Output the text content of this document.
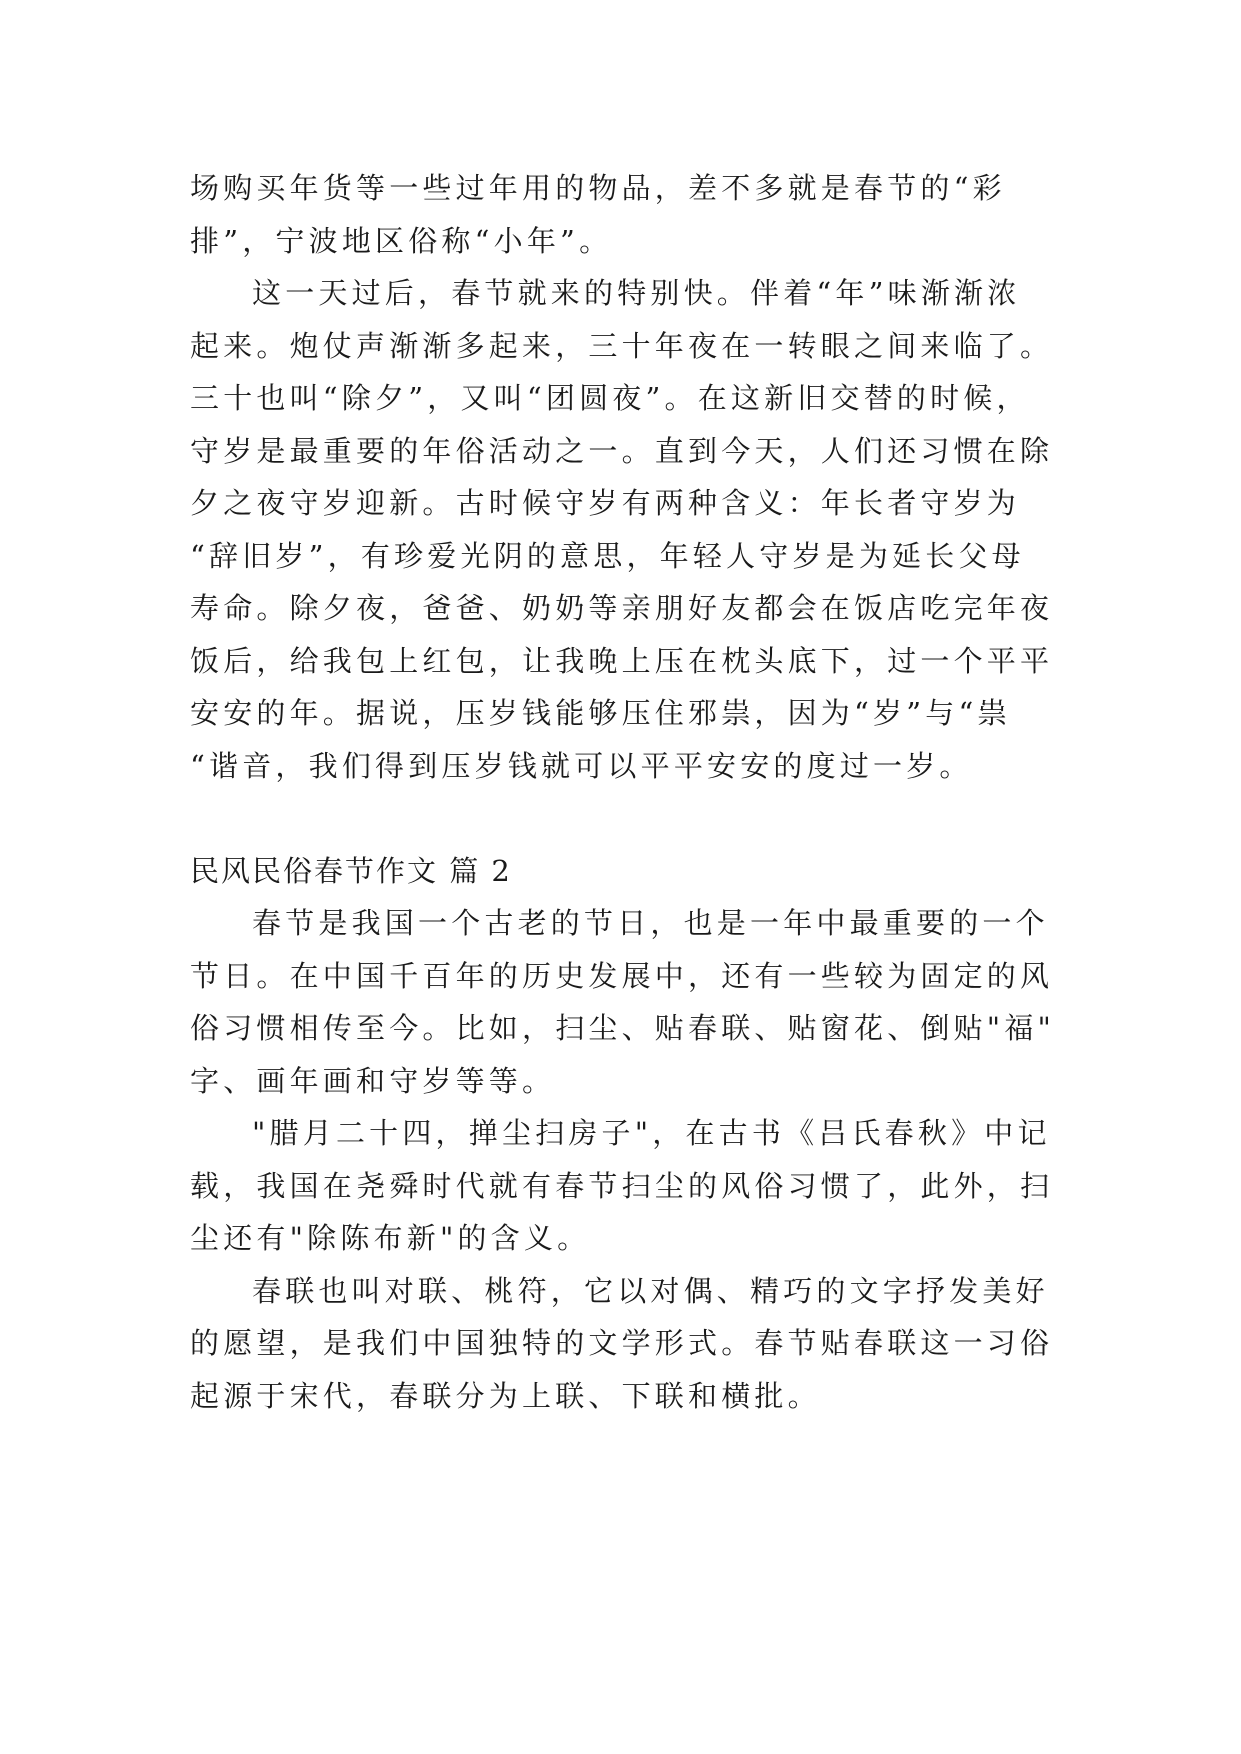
场购买年货等一些过年用的物品，差不多就是春节的“彩
排”，宁波地区俗称“小年”。
这一天过后，春节就来的特别快。伴着“年”味渐渐浓
起来。炮仗声渐渐多起来，三十年夜在一转眼之间来临了。
三十也叫“除夕”，又叫“团圆夜”。在这新旧交替的时候，
守岁是最重要的年俗活动之一。直到今天，人们还习惯在除
夕之夜守岁迎新。古时候守岁有两种含义：年长者守岁为
“辞旧岁”，有珍爱光阴的意思，年轻人守岁是为延长父母
寿命。除夕夜，爸爸、奶奶等亲朋好友都会在饭店吃完年夜
饭后，给我包上红包，让我晚上压在枕头底下，过一个平平
安安的年。据说，压岁钱能够压住邪祟，因为“岁”与“祟
“谐音，我们得到压岁钱就可以平平安安的度过一岁。
民风民俗春节作文 篇 2
春节是我国一个古老的节日，也是一年中最重要的一个
节日。在中国千百年的历史发展中，还有一些较为固定的风
俗习惯相传至今。比如，扫尘、贴春联、贴窗花、倒贴"福"
字、画年画和守岁等等。
"腊月二十四，掸尘扫房子"，在古书《吕氏春秋》中记
载，我国在尧舜时代就有春节扫尘的风俗习惯了，此外，扫
尘还有"除陈布新"的含义。
春联也叫对联、桃符，它以对偶、精巧的文字抒发美好
的愿望，是我们中国独特的文学形式。春节贴春联这一习俗
起源于宋代，春联分为上联、下联和横批。
